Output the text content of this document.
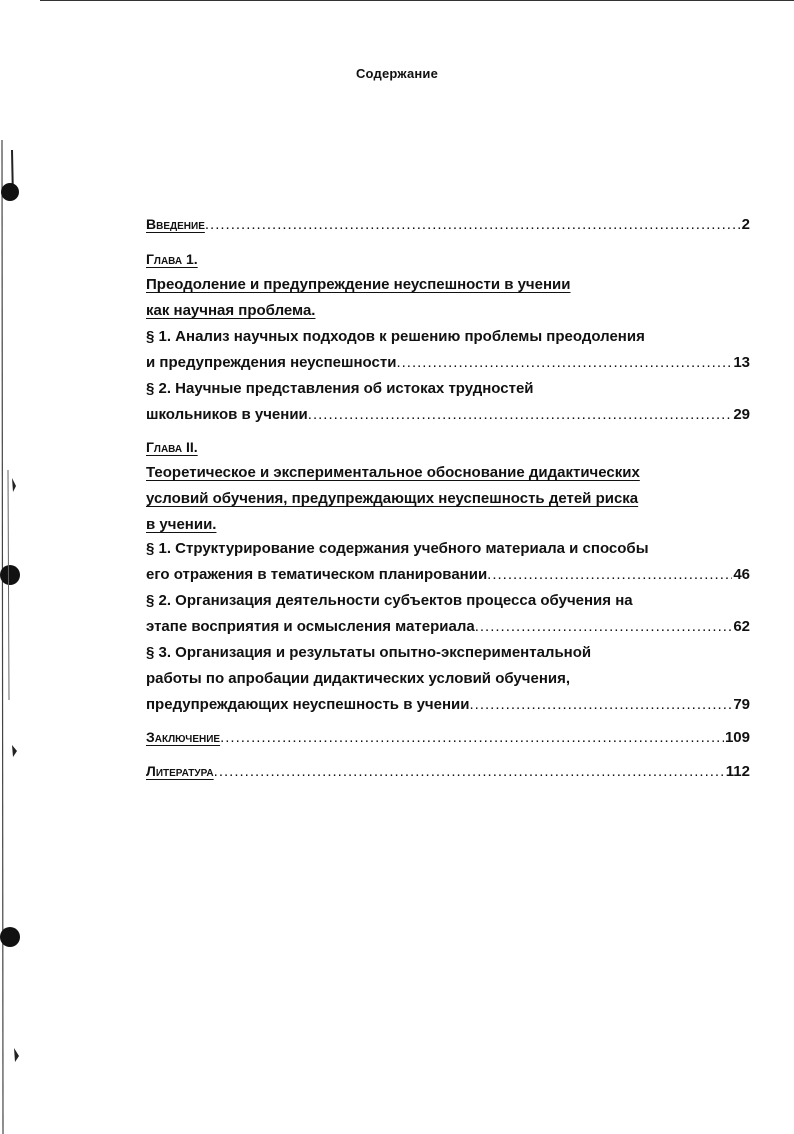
Содержание
Введение .....	2
Глава 1.
Преодоление и предупреждение неуспешности в учении
как научная проблема.
§ 1. Анализ научных подходов к решению проблемы преодоления
и предупреждения неуспешности .....	13
§ 2. Научные представления об истоках трудностей
школьников в учении .....	29
Глава II.
Теоретическое и экспериментальное обоснование дидактических
условий обучения, предупреждающих неуспешность детей риска
в учении.
§ 1. Структурирование содержания учебного материала и способы
его отражения в тематическом планировании .....	46
§ 2. Организация деятельности субъектов процесса обучения на
этапе восприятия и осмысления материала .....	62
§ 3. Организация и результаты опытно-экспериментальной
работы по апробации дидактических условий обучения,
предупреждающих неуспешность в учении .....	79
Заключение .....	109
Литература .....	112
